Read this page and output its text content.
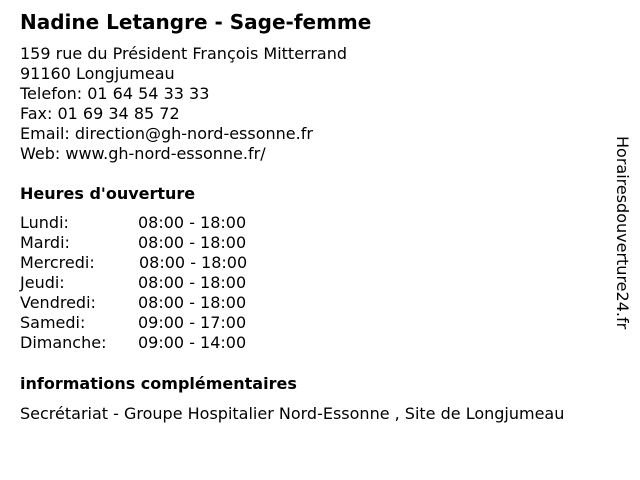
Nadine Letangre - Sage-femme
159 rue du Président François Mitterrand
91160 Longjumeau
Telefon: 01 64 54 33 33
Fax: 01 69 34 85 72
Email: direction@gh-nord-essonne.fr
Web: www.gh-nord-essonne.fr/
Heures d'ouverture
Lundi:	08:00 - 18:00
Mardi:	08:00 - 18:00
Mercredi:	08:00 - 18:00
Jeudi:	08:00 - 18:00
Vendredi:	08:00 - 18:00
Samedi:	09:00 - 17:00
Dimanche: 09:00 - 14:00
informations complémentaires
Secrétariat - Groupe Hospitalier Nord-Essonne , Site de Longjumeau
Horairesdouverture24.fr
